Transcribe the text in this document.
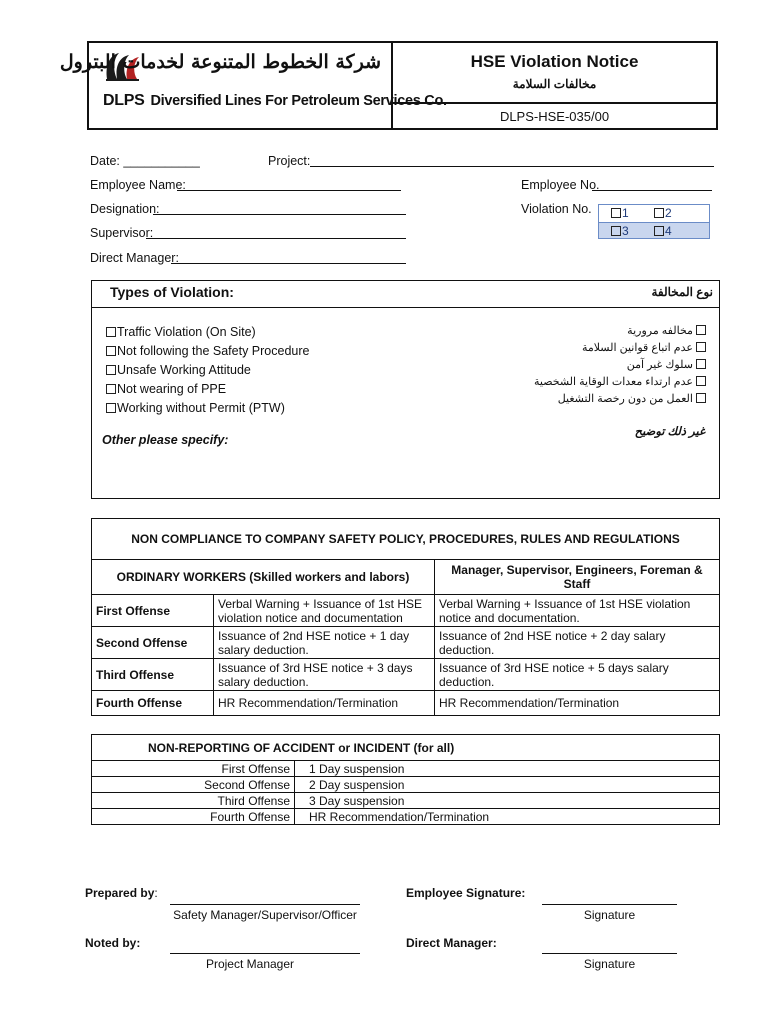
شركة الخطوط المتنوعة لخدمات البترول
DLPS Diversified Lines For Petroleum Services Co.
HSE Violation Notice
مخالفات السلامة
DLPS-HSE-035/00
Date: ___________	Project:
Employee Name:	Employee No.
Designation:	Violation No.	1	2
3	4
Supervisor:
Direct Manager:
Types of Violation:	نوع المخالفة
Traffic Violation (On Site)
Not following the Safety Procedure
Unsafe Working Attitude
Not wearing of PPE
Working without Permit (PTW)
مخالفه مرورية
عدم اتباع قوانين السلامة
سلوك غير آمن
عدم ارتداء معدات الوقاية الشخصية
العمل من دون رخصة التشغيل
Other please specify:
غير ذلك توضيح
NON COMPLIANCE TO COMPANY SAFETY POLICY, PROCEDURES, RULES AND REGULATIONS		
ORDINARY WORKERS (Skilled workers and labors)		Manager, Supervisor, Engineers, Foreman & Staff
First Offense	Verbal Warning + Issuance of 1st HSE violation notice and documentation	Verbal Warning + Issuance of 1st HSE violation notice and documentation.
Second Offense	Issuance of 2nd HSE notice + 1 day salary deduction.	Issuance of 2nd HSE notice + 2 day salary deduction.
Third Offense	Issuance of 3rd HSE notice + 3 days salary deduction.	Issuance of 3rd HSE notice + 5 days salary deduction.
Fourth Offense	HR Recommendation/Termination	HR Recommendation/Termination
NON-REPORTING OF ACCIDENT or INCIDENT (for all)	
First Offense	1 Day suspension
Second Offense	2 Day suspension
Third Offense	3 Day suspension
Fourth Offense	HR Recommendation/Termination
Prepared by:
Safety Manager/Supervisor/Officer
Employee Signature:
Signature
Noted by:
Project Manager
Direct Manager:
Signature
